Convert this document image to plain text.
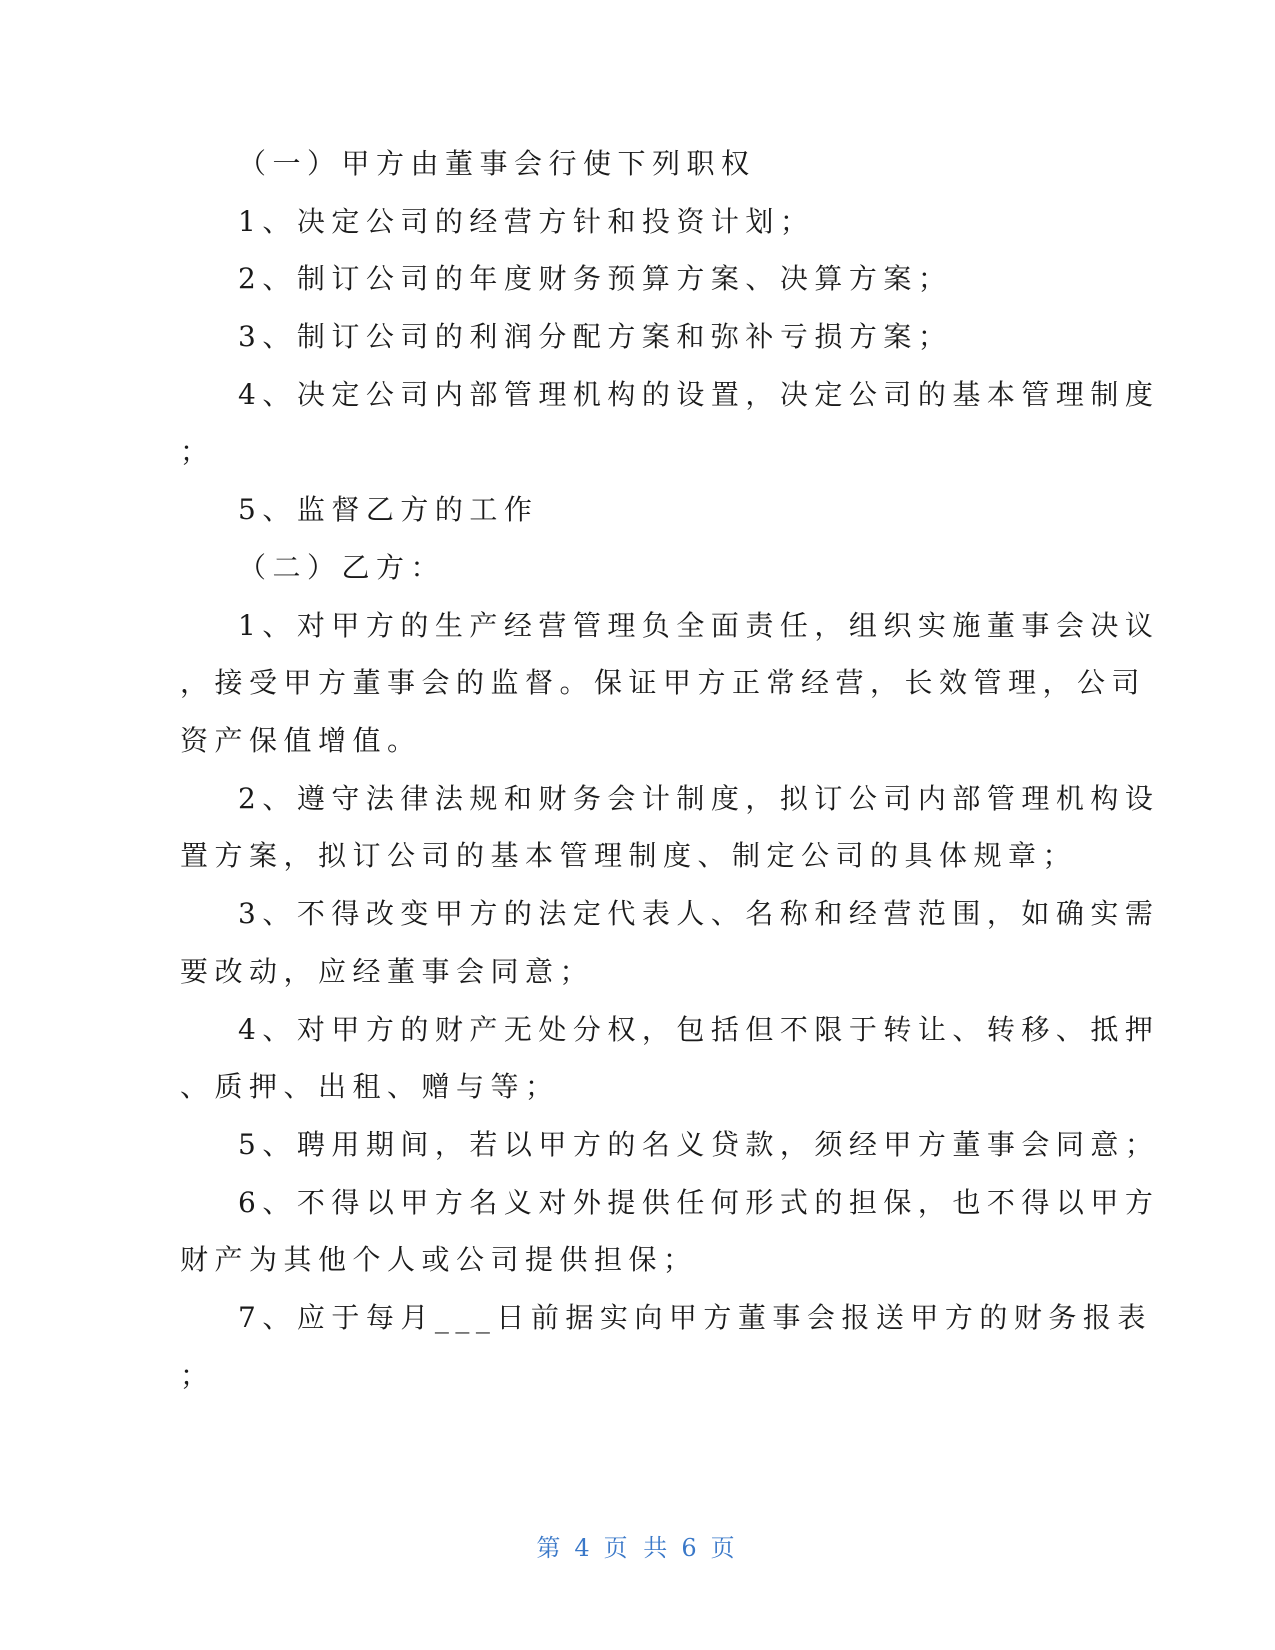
（一）甲方由董事会行使下列职权
1、决定公司的经营方针和投资计划；
2、制订公司的年度财务预算方案、决算方案；
3、制订公司的利润分配方案和弥补亏损方案；
4、决定公司内部管理机构的设置，决定公司的基本管理制度
；
5、监督乙方的工作
（二）乙方：
1、对甲方的生产经营管理负全面责任，组织实施董事会决议
，接受甲方董事会的监督。保证甲方正常经营，长效管理，公司
资产保值增值。
2、遵守法律法规和财务会计制度，拟订公司内部管理机构设
置方案，拟订公司的基本管理制度、制定公司的具体规章；
3、不得改变甲方的法定代表人、名称和经营范围，如确实需
要改动，应经董事会同意；
4、对甲方的财产无处分权，包括但不限于转让、转移、抵押
、质押、出租、赠与等；
5、聘用期间，若以甲方的名义贷款，须经甲方董事会同意；
6、不得以甲方名义对外提供任何形式的担保，也不得以甲方
财产为其他个人或公司提供担保；
7、应于每月___日前据实向甲方董事会报送甲方的财务报表
；
第 4 页 共 6 页
